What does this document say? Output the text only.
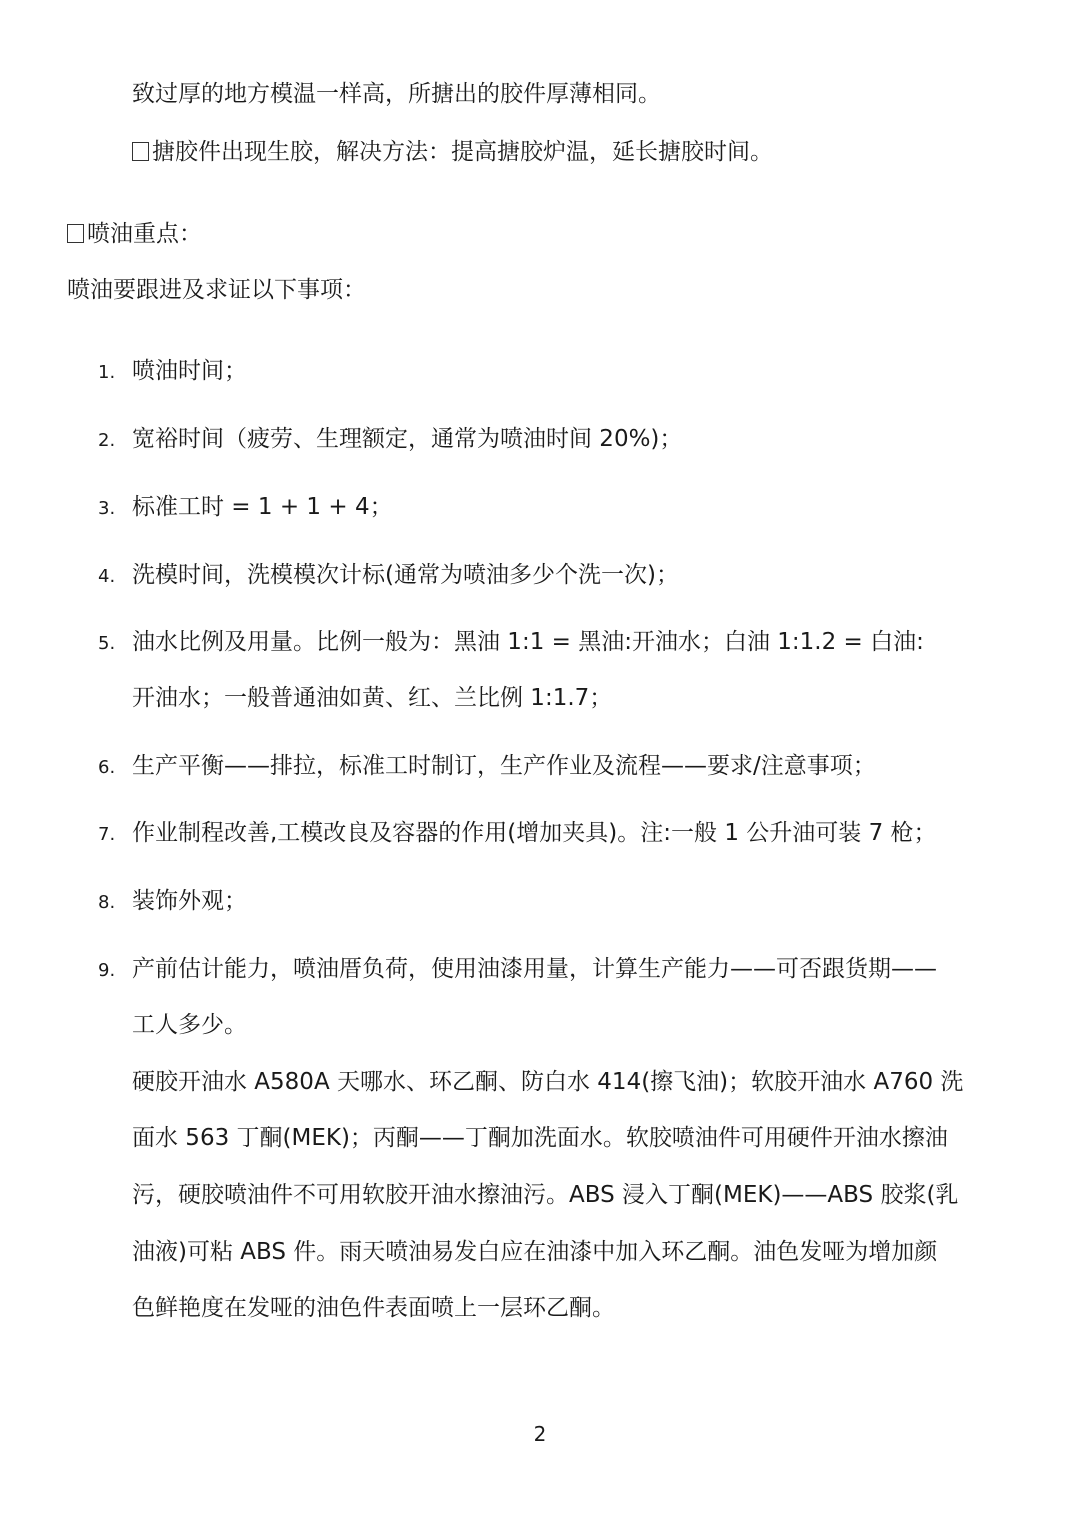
致过厚的地方模温一样高，所搪出的胶件厚薄相同。
搪胶件出现生胶，解决方法：提高搪胶炉温，延长搪胶时间。
喷油重点：
喷油要跟进及求证以下事项：
1. 喷油时间；
2. 宽裕时间（疲劳、生理额定，通常为喷油时间 20%)；
3. 标准工时 = 1 + 1 + 4；
4. 洗模时间，洗模模次计标(通常为喷油多少个洗一次)；
5. 油水比例及用量。比例一般为：黑油 1:1 = 黑油:开油水；白油 1:1.2 = 白油:
开油水；一般普通油如黄、红、兰比例 1:1.7；
6. 生产平衡——排拉，标准工时制订，生产作业及流程——要求/注意事项；
7. 作业制程改善,工模改良及容器的作用(增加夹具)。注:一般 1 公升油可装 7 枪；
8. 装饰外观；
9. 产前估计能力，喷油厝负荷，使用油漆用量，计算生产能力——可否跟货期——
工人多少。
硬胶开油水 A580A 天哪水、环乙酮、防白水 414(擦飞油)；软胶开油水 A760 洗
面水 563 丁酮(MEK)；丙酮——丁酮加洗面水。软胶喷油件可用硬件开油水擦油
污，硬胶喷油件不可用软胶开油水擦油污。ABS 浸入丁酮(MEK)——ABS 胶浆(乳
油液)可粘 ABS 件。雨天喷油易发白应在油漆中加入环乙酮。油色发哑为增加颜
色鲜艳度在发哑的油色件表面喷上一层环乙酮。
2
